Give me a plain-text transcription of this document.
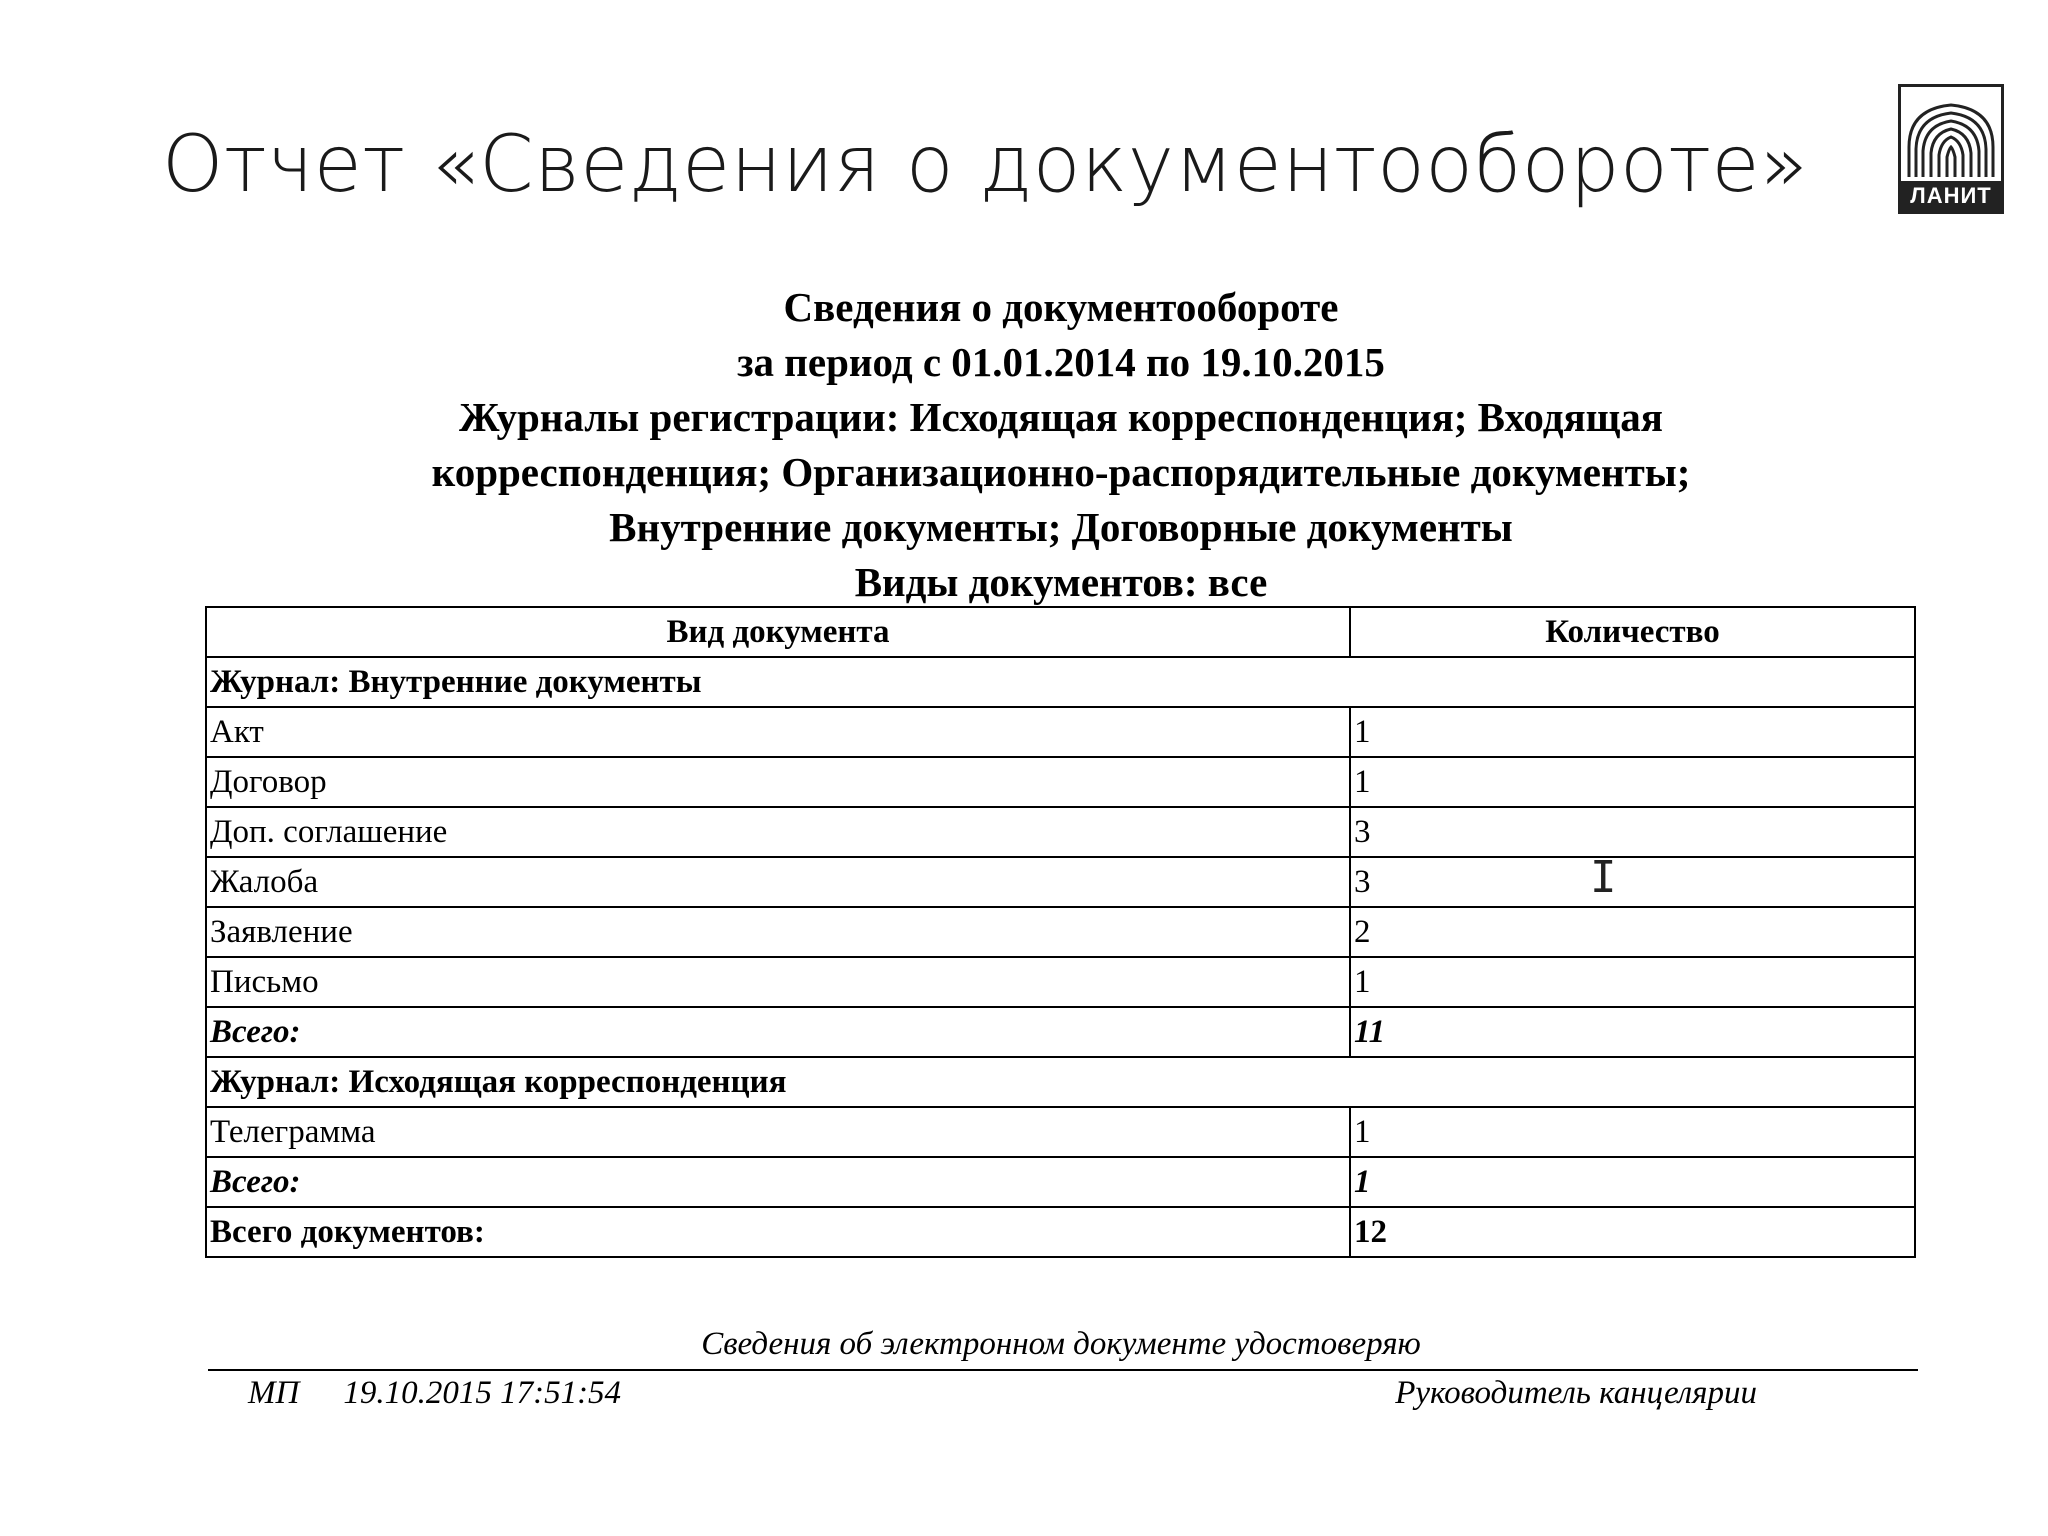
Отчет «Сведения о документообороте»	ЛАНИТ
Сведения о документообороте
за период с 01.01.2014 по 19.10.2015
Журналы регистрации: Исходящая корреспонденция; Входящая
корреспонденция; Организационно-распорядительные документы;
Внутренние документы; Договорные документы
Виды документов: все
Вид документа	Количество
Журнал: Внутренние документы	
Акт	1
Договор	1
Доп. соглашение	3
Жалоба	3
Заявление	2
Письмо	1
Всего:	11
Журнал: Исходящая корреспонденция	
Телеграмма	1
Всего:	1
Всего документов:	12
I
Сведения об электронном документе удостоверяю
МП 19.10.2015 17:51:54	Руководитель канцелярии
